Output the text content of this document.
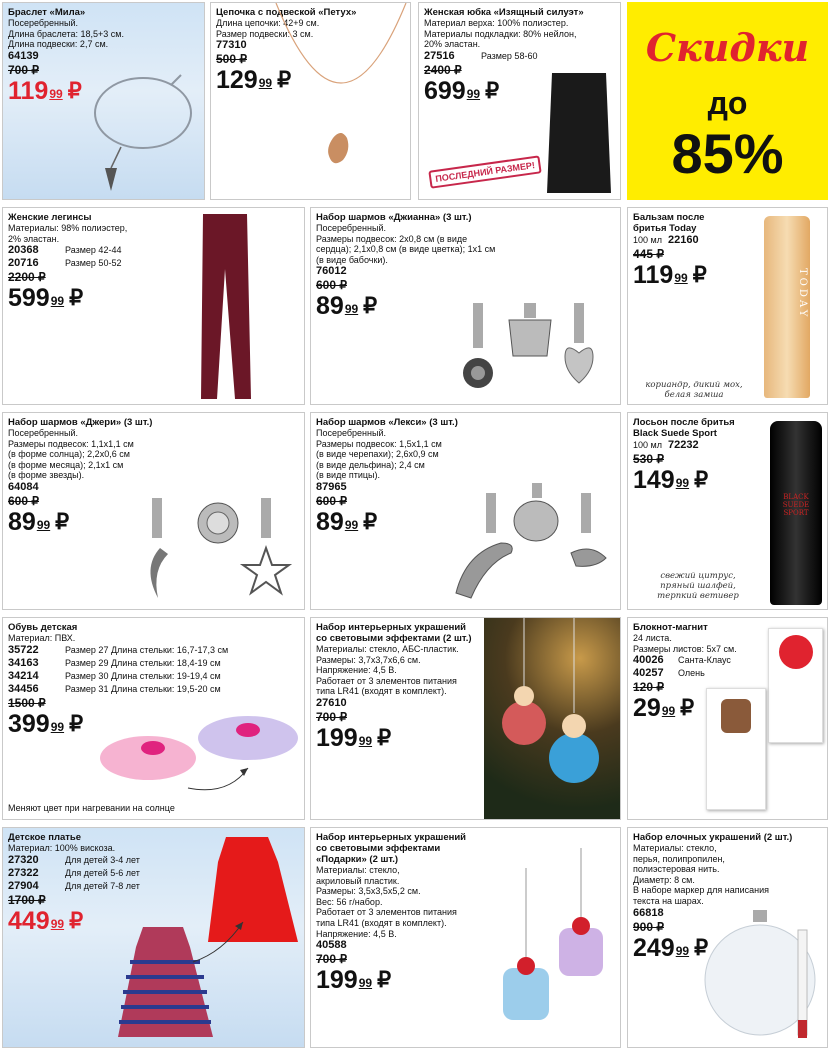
Скидки
до
85%
Браслет «Мила»
Посеребренный.
Длина браслета: 18,5+3 см.
Длина подвески: 2,7 см.
64139
700 ₽
119 99 ₽
Цепочка с подвеской «Петух»
Длина цепочки: 42+9 см.
Размер подвески: 3 см.
77310
500 ₽
129 99 ₽
Женская юбка «Изящный силуэт»
Материал верха: 100% полиэстер.
Материалы подкладки: 80% нейлон,
20% эластан.
27516	Размер 58-60
2400 ₽
699 99 ₽
ПОСЛЕДНИЙ РАЗМЕР!
Женские легинсы
Материалы: 98% полиэстер,
2% эластан.
20368	Размер 42-44
20716	Размер 50-52
2200 ₽
599 99 ₽
Набор шармов «Джианна» (3 шт.)
Посеребренный.
Размеры подвесок: 2х0,8 см (в виде
сердца); 2,1х0,8 см (в виде цветка); 1х1 см
(в виде бабочки).
76012
600 ₽
89 99 ₽
Бальзам после
бритья Today
100 мл 22160
445 ₽
119 99 ₽	TODAY
кориандр, дикий мох,
белая замша
Набор шармов «Джери» (3 шт.)
Посеребренный.
Размеры подвесок: 1,1х1,1 см
(в форме солнца); 2,2х0,6 см
(в форме месяца); 2,1х1 см
(в форме звезды).
64084
600 ₽
89 99 ₽
Набор шармов «Лекси» (3 шт.)
Посеребренный.
Размеры подвесок: 1,5х1,1 см
(в виде черепахи); 2,6х0,9 см
(в виде дельфина); 2,4 см
(в виде птицы).
87965
600 ₽
89 99 ₽
Лосьон после бритья
Black Suede Sport
100 мл 72232
530 ₽
149 99 ₽
BLACK SUEDE
SPORT
свежий цитрус,
пряный шалфей,
терпкий ветивер
Обувь детская
Материал: ПВХ.
35722	Размер 27 Длина стельки: 16,7-17,3 см
34163	Размер 29 Длина стельки: 18,4-19 см
34214	Размер 30 Длина стельки: 19-19,4 см
34456	Размер 31 Длина стельки: 19,5-20 см
1500 ₽
399 99 ₽
Меняют цвет при нагревании на солнце
Набор интерьерных украшений
со световыми эффектами (2 шт.)
Материалы: стекло, АБС-пластик.
Размеры: 3,7х3,7х6,6 см.
Напряжение: 4,5 В.
Работает от 3 элементов питания
типа LR41 (входят в комплект).
27610
700 ₽
199 99 ₽
Блокнот-магнит
24 листа.
Размеры листов: 5х7 см.
40026	Санта-Клаус
40257	Олень
120 ₽
29 99 ₽
Детское платье
Материал: 100% вискоза.
27320	Для детей 3-4 лет
27322	Для детей 5-6 лет
27904	Для детей 7-8 лет
1700 ₽
449 99 ₽
Набор интерьерных украшений
со световыми эффектами
«Подарки» (2 шт.)
Материалы: стекло,
акриловый пластик.
Размеры: 3,5х3,5х5,2 см.
Вес: 56 г/набор.
Работает от 3 элементов питания
типа LR41 (входят в комплект).
Напряжение: 4,5 В.
40588
700 ₽
199 99 ₽
Набор елочных украшений (2 шт.)
Материалы: стекло,
перья, полипропилен,
полиэстеровая нить.
Диаметр: 8 см.
В наборе маркер для написания
текста на шарах.
66818
900 ₽
249 99 ₽
